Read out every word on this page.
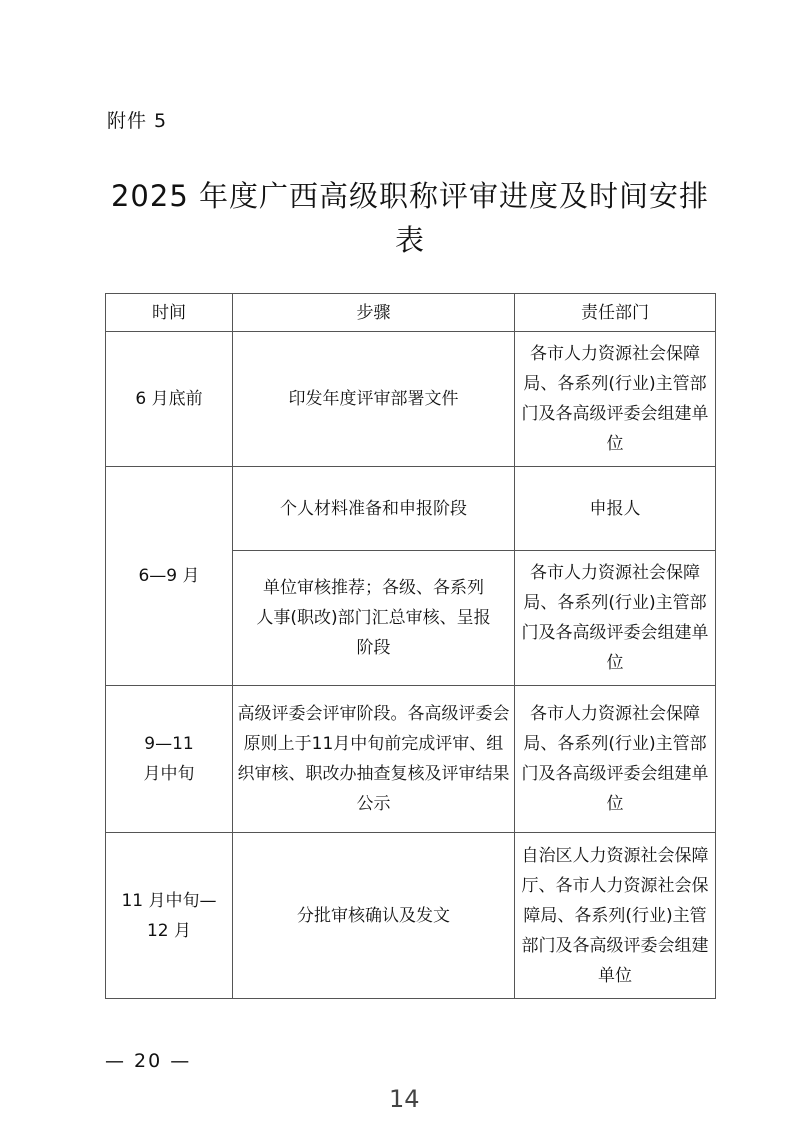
附件 5
2025 年度广西高级职称评审进度及时间安排表
时间	步骤	责任部门
6 月底前	印发年度评审部署文件	各市人力资源社会保障局、各系列(行业)主管部门及各高级评委会组建单位
6—9 月	个人材料准备和申报阶段	申报人
	单位审核推荐；各级、各系列人事(职改)部门汇总审核、呈报阶段	各市人力资源社会保障局、各系列(行业)主管部门及各高级评委会组建单位
9—11 月中旬	高级评委会评审阶段。各高级评委会原则上于11月中旬前完成评审、组织审核、职改办抽查复核及评审结果公示	各市人力资源社会保障局、各系列(行业)主管部门及各高级评委会组建单位
11 月中旬—12 月	分批审核确认及发文	自治区人力资源社会保障厅、各市人力资源社会保障局、各系列(行业)主管部门及各高级评委会组建单位
— 20 —
14
